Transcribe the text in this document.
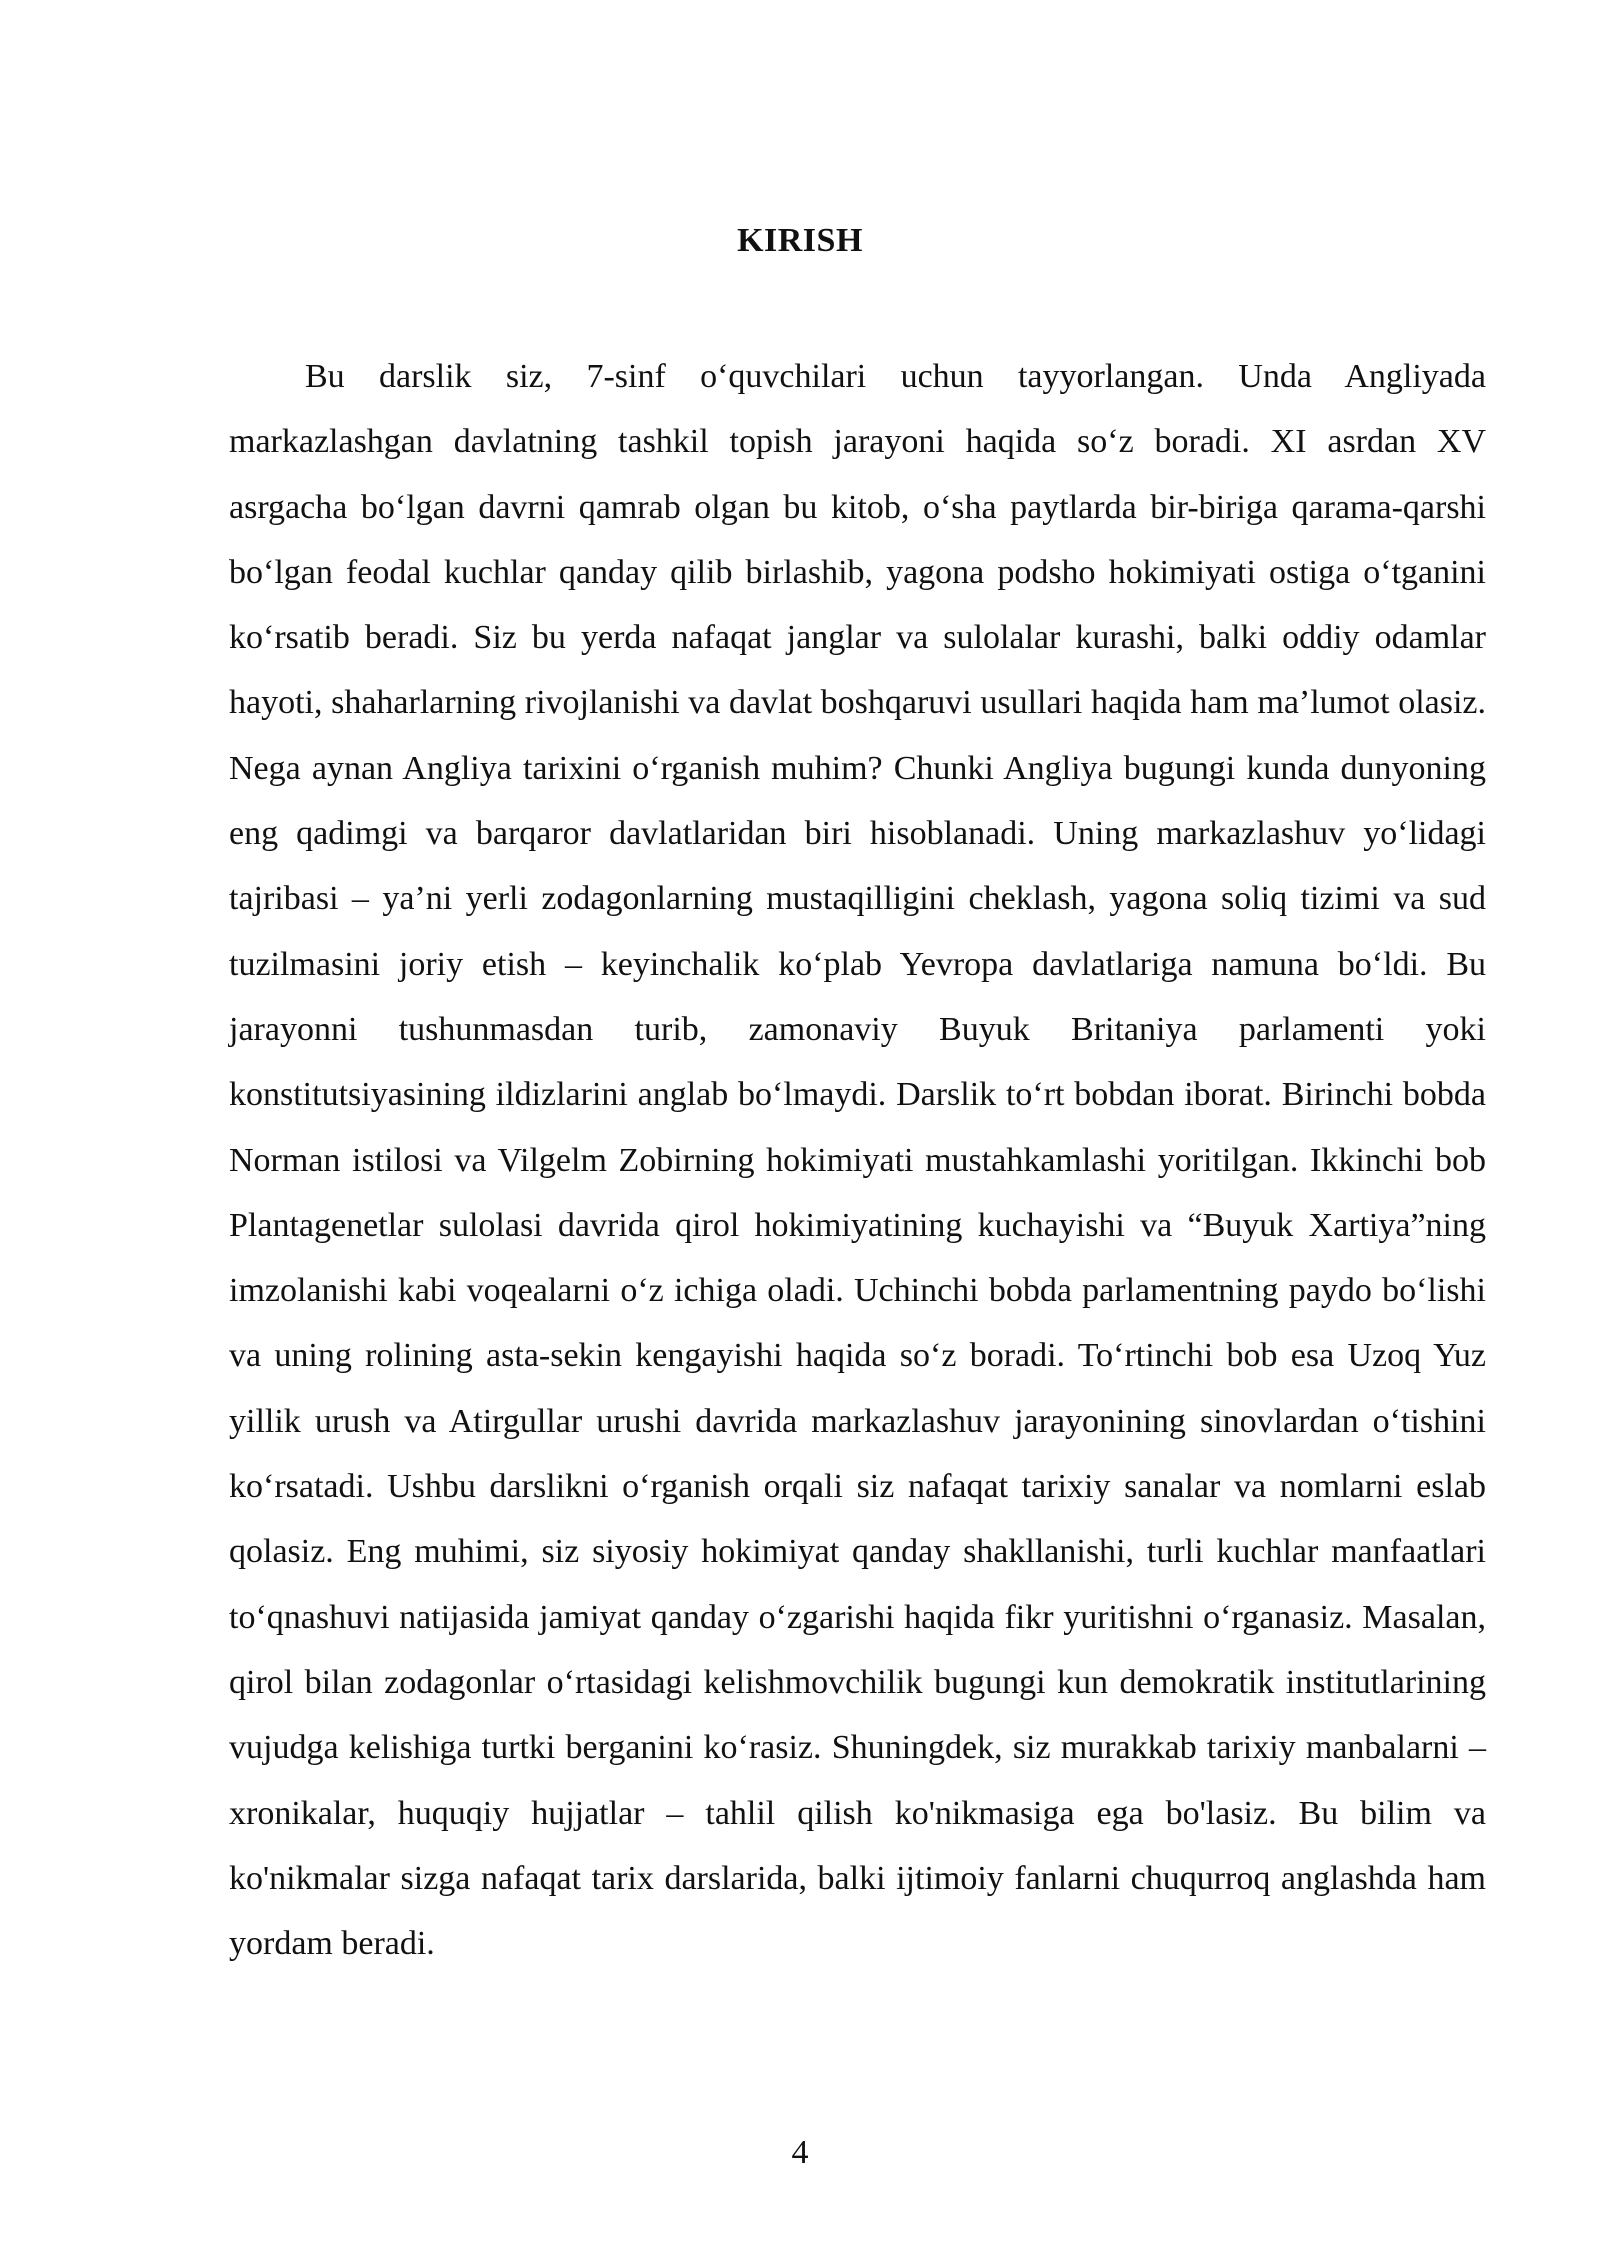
KIRISH

Bu darslik siz, 7-sinf o‘quvchilari uchun tayyorlangan. Unda Angliyada markazlashgan davlatning tashkil topish jarayoni haqida so‘z boradi. XI asrdan XV asrgacha bo‘lgan davrni qamrab olgan bu kitob, o‘sha paytlarda bir-biriga qarama-qarshi bo‘lgan feodal kuchlar qanday qilib birlashib, yagona podsho hokimiyati ostiga o‘tganini ko‘rsatib beradi. Siz bu yerda nafaqat janglar va sulolalar kurashi, balki oddiy odamlar hayoti, shaharlarning rivojlanishi va davlat boshqaruvi usullari haqida ham ma’lumot olasiz. Nega aynan Angliya tarixini o‘rganish muhim? Chunki Angliya bugungi kunda dunyoning eng qadimgi va barqaror davlatlaridan biri hisoblanadi. Uning markazlashuv yo‘lidagi tajribasi – ya’ni yerli zodagonlarning mustaqilligini cheklash, yagona soliq tizimi va sud tuzilmasini joriy etish – keyinchalik ko‘plab Yevropa davlatlariga namuna bo‘ldi. Bu jarayonni tushunmasdan turib, zamonaviy Buyuk Britaniya parlamenti yoki konstitutsiyasining ildizlarini anglab bo‘lmaydi. Darslik to‘rt bobdan iborat. Birinchi bobda Norman istilosi va Vilgelm Zobirning hokimiyati mustahkamlashi yoritilgan. Ikkinchi bob Plantagenetlar sulolasi davrida qirol hokimiyatining kuchayishi va “Buyuk Xartiya”ning imzolanishi kabi voqealarni o‘z ichiga oladi. Uchinchi bobda parlamentning paydo bo‘lishi va uning rolining asta-sekin kengayishi haqida so‘z boradi. To‘rtinchi bob esa Uzoq Yuz yillik urush va Atirgullar urushi davrida markazlashuv jarayonining sinovlardan o‘tishini ko‘rsatadi. Ushbu darslikni o‘rganish orqali siz nafaqat tarixiy sanalar va nomlarni eslab qolasiz. Eng muhimi, siz siyosiy hokimiyat qanday shakllanishi, turli kuchlar manfaatlari to‘qnashuvi natijasida jamiyat qanday o‘zgarishi haqida fikr yuritishni o‘rganasiz. Masalan, qirol bilan zodagonlar o‘rtasidagi kelishmovchilik bugungi kun demokratik institutlarining vujudga kelishiga turtki berganini ko‘rasiz. Shuningdek, siz murakkab tarixiy manbalarni – xronikalar, huquqiy hujjatlar – tahlil qilish ko'nikmasiga ega bo'lasiz. Bu bilim va ko'nikmalar sizga nafaqat tarix darslarida, balki ijtimoiy fanlarni chuqurroq anglashda ham yordam beradi.

4
